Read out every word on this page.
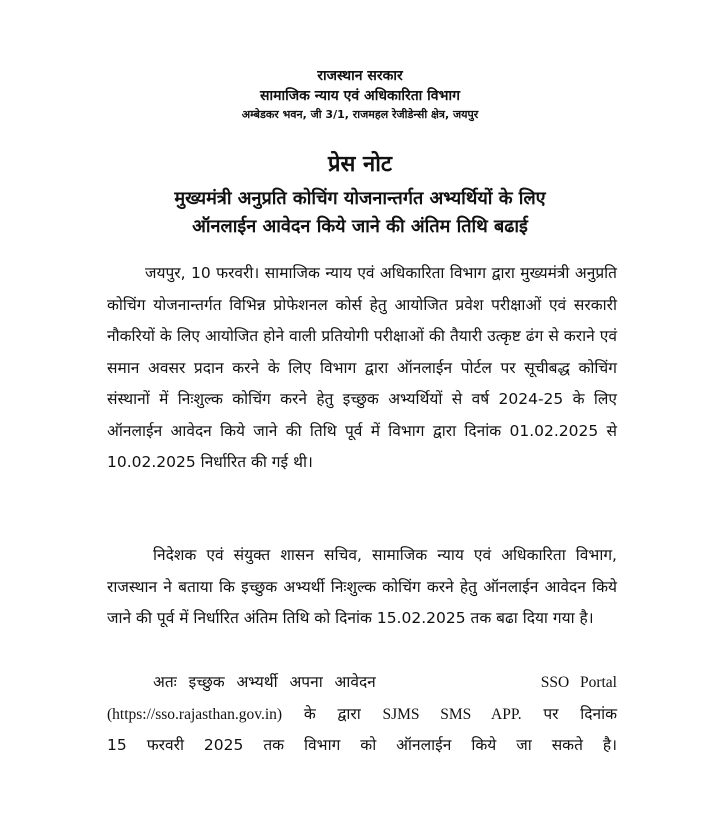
राजस्थान सरकार
सामाजिक न्याय एवं अधिकारिता विभाग
अम्बेडकर भवन, जी 3/1, राजमहल रेजीडेन्सी क्षेत्र, जयपुर
प्रेस नोट
मुख्यमंत्री अनुप्रति कोचिंग योजनान्तर्गत अभ्यर्थियों के लिए
ऑनलाईन आवेदन किये जाने की अंतिम तिथि बढाई

जयपुर, 10 फरवरी। सामाजिक न्याय एवं अधिकारिता विभाग द्वारा मुख्यमंत्री अनुप्रति कोचिंग योजनान्तर्गत विभिन्न प्रोफेशनल कोर्स हेतु आयोजित प्रवेश परीक्षाओं एवं सरकारी नौकरियों के लिए आयोजित होने वाली प्रतियोगी परीक्षाओं की तैयारी उत्कृष्ट ढंग से कराने एवं समान अवसर प्रदान करने के लिए विभाग द्वारा ऑनलाईन पोर्टल पर सूचीबद्ध कोचिंग संस्थानों में निःशुल्क कोचिंग करने हेतु इच्छुक अभ्यर्थियों से वर्ष 2024-25 के लिए ऑनलाईन आवेदन किये जाने की तिथि पूर्व में विभाग द्वारा दिनांक 01.02.2025 से 10.02.2025 निर्धारित की गई थी।

निदेशक एवं संयुक्त शासन सचिव, सामाजिक न्याय एवं अधिकारिता विभाग, राजस्थान ने बताया कि इच्छुक अभ्यर्थी निःशुल्क कोचिंग करने हेतु ऑनलाईन आवेदन किये जाने की पूर्व में निर्धारित अंतिम तिथि को दिनांक 15.02.2025 तक बढा दिया गया है।

अतः इच्छुक अभ्यर्थी अपना आवेदन	SSO Portal
(https://sso.rajasthan.gov.in) के द्वारा SJMS SMS APP. पर दिनांक
15 फरवरी 2025 तक विभाग को ऑनलाईन किये जा सकते है।
